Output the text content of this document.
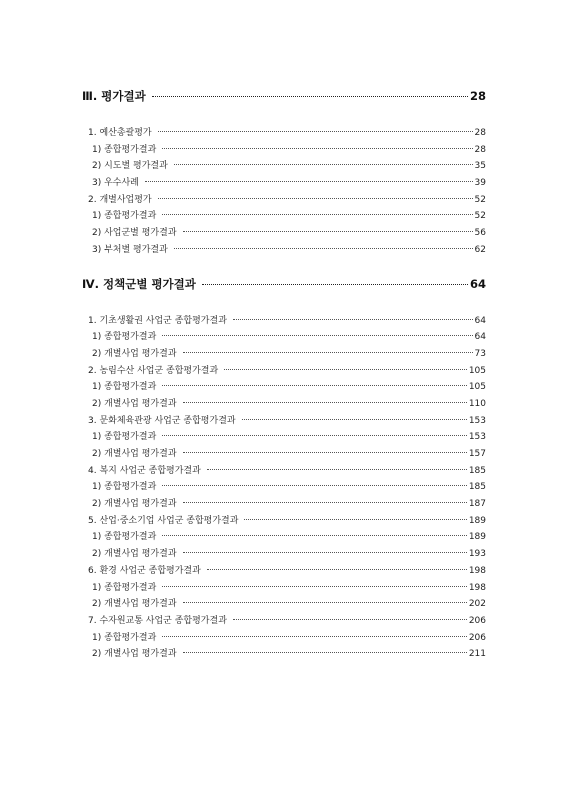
Ⅲ. 평가결과	28
1. 예산총괄평가	28
1) 종합평가결과	28
2) 시도별 평가결과	35
3) 우수사례	39
2. 개별사업평가	52
1) 종합평가결과	52
2) 사업군별 평가결과	56
3) 부처별 평가결과	62
Ⅳ. 정책군별 평가결과	64
1. 기초생활권 사업군 종합평가결과	64
1) 종합평가결과	64
2) 개별사업 평가결과	73
2. 농림수산 사업군 종합평가결과	105
1) 종합평가결과	105
2) 개별사업 평가결과	110
3. 문화체육관광 사업군 종합평가결과	153
1) 종합평가결과	153
2) 개별사업 평가결과	157
4. 복지 사업군 종합평가결과	185
1) 종합평가결과	185
2) 개별사업 평가결과	187
5. 산업·중소기업 사업군 종합평가결과	189
1) 종합평가결과	189
2) 개별사업 평가결과	193
6. 환경 사업군 종합평가결과	198
1) 종합평가결과	198
2) 개별사업 평가결과	202
7. 수자원교통 사업군 종합평가결과	206
1) 종합평가결과	206
2) 개별사업 평가결과	211
